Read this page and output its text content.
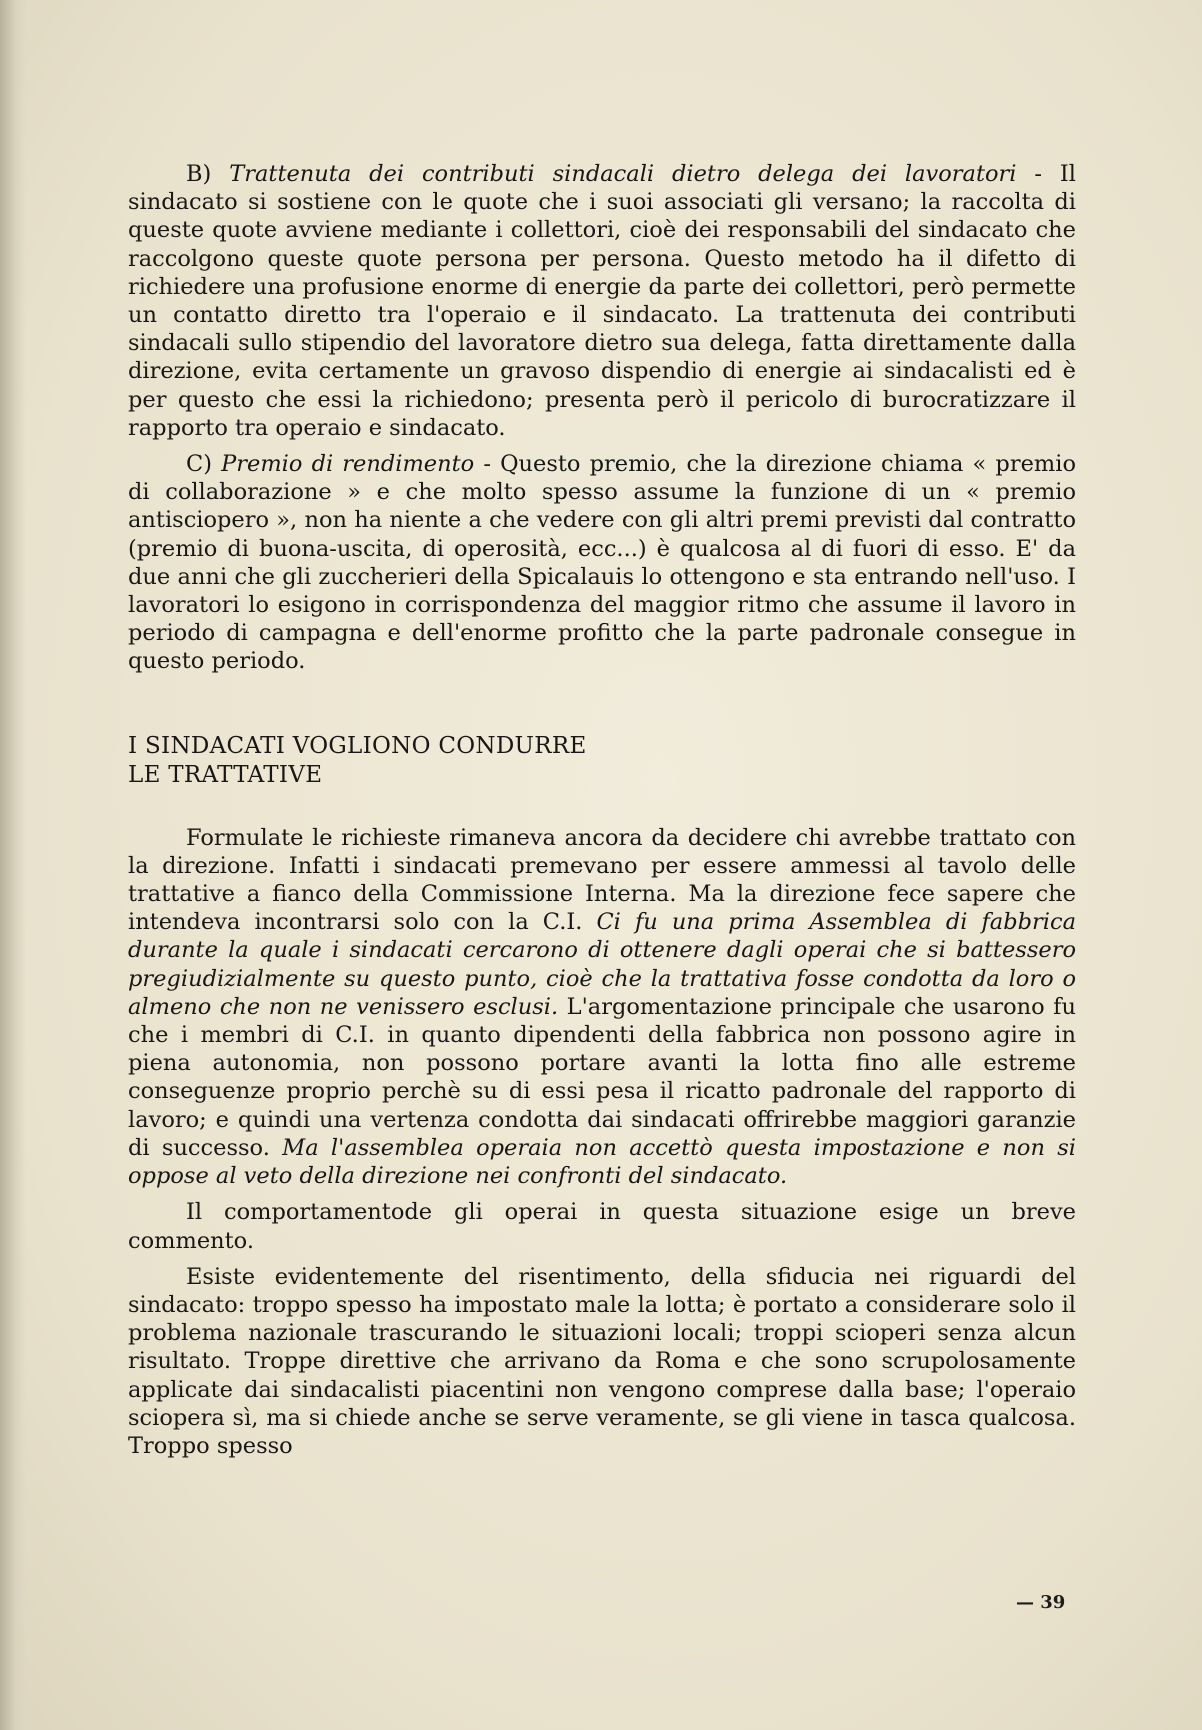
B) Trattenuta dei contributi sindacali dietro delega dei lavoratori - Il sindacato si sostiene con le quote che i suoi associati gli versano; la raccolta di queste quote avviene mediante i collettori, cioè dei responsabili del sindacato che raccolgono queste quote persona per persona. Questo metodo ha il difetto di richiedere una profusione enorme di energie da parte dei collettori, però permette un contatto diretto tra l'operaio e il sindacato. La trattenuta dei contributi sindacali sullo stipendio del lavoratore dietro sua delega, fatta direttamente dalla direzione, evita certamente un gravoso dispendio di energie ai sindacalisti ed è per questo che essi la richiedono; presenta però il pericolo di burocratizzare il rapporto tra operaio e sindacato.

C) Premio di rendimento - Questo premio, che la direzione chiama « premio di collaborazione » e che molto spesso assume la funzione di un « premio antisciopero », non ha niente a che vedere con gli altri premi previsti dal contratto (premio di buona-uscita, di operosità, ecc...) è qualcosa al di fuori di esso. E' da due anni che gli zuccherieri della Spicalauis lo ottengono e sta entrando nell'uso. I lavoratori lo esigono in corrispondenza del maggior ritmo che assume il lavoro in periodo di campagna e dell'enorme profitto che la parte padronale consegue in questo periodo.

I SINDACATI VOGLIONO CONDURRE
LE TRATTATIVE

Formulate le richieste rimaneva ancora da decidere chi avrebbe trattato con la direzione. Infatti i sindacati premevano per essere ammessi al tavolo delle trattative a fianco della Commissione Interna. Ma la direzione fece sapere che intendeva incontrarsi solo con la C.I. Ci fu una prima Assemblea di fabbrica durante la quale i sindacati cercarono di ottenere dagli operai che si battessero pregiudizialmente su questo punto, cioè che la trattativa fosse condotta da loro o almeno che non ne venissero esclusi. L'argomentazione principale che usarono fu che i membri di C.I. in quanto dipendenti della fabbrica non possono agire in piena autonomia, non possono portare avanti la lotta fino alle estreme conseguenze proprio perchè su di essi pesa il ricatto padronale del rapporto di lavoro; e quindi una vertenza condotta dai sindacati offrirebbe maggiori garanzie di successo. Ma l'assemblea operaia non accettò questa impostazione e non si oppose al veto della direzione nei confronti del sindacato.

Il comportamentode gli operai in questa situazione esige un breve commento.

Esiste evidentemente del risentimento, della sfiducia nei riguardi del sindacato: troppo spesso ha impostato male la lotta; è portato a considerare solo il problema nazionale trascurando le situazioni locali; troppi scioperi senza alcun risultato. Troppe direttive che arrivano da Roma e che sono scrupolosamente applicate dai sindacalisti piacentini non vengono comprese dalla base; l'operaio sciopera sì, ma si chiede anche se serve veramente, se gli viene in tasca qualcosa. Troppo spesso

— 39
